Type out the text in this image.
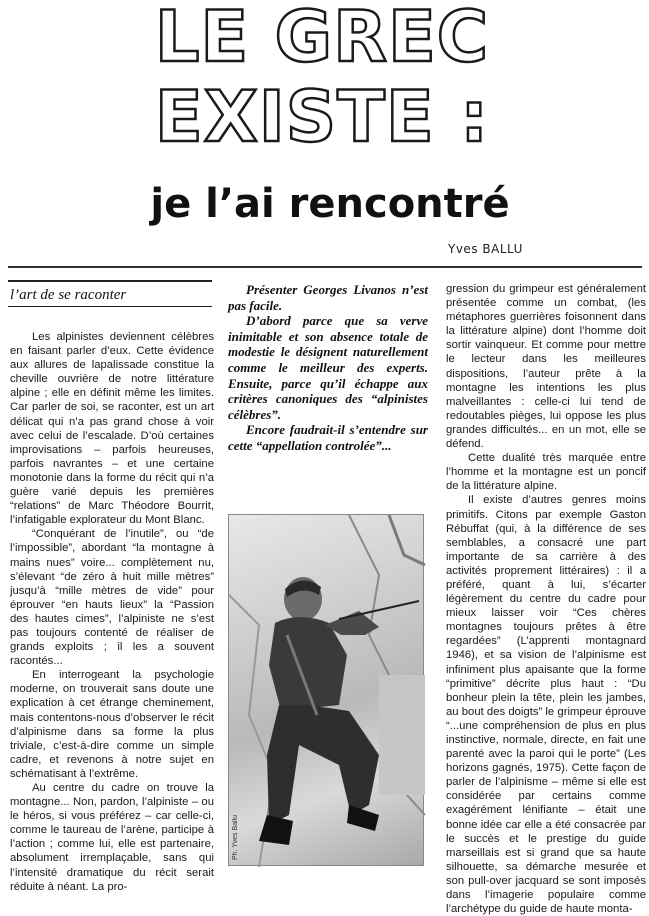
LE GREC
EXISTE :
je l’ai rencontré
Yves BALLU
l’art de se raconter

Les alpinistes deviennent célèbres en faisant parler d’eux. Cette évidence aux allures de lapalissade constitue la cheville ouvrière de notre littérature alpine ; elle en définit même les limites. Car parler de soi, se raconter, est un art délicat qui n’a pas grand chose à voir avec celui de l’escalade. D’où certaines improvisations – parfois heureuses, parfois navrantes – et une certaine monotonie dans la forme du récit qui n’a guère varié depuis les premières “relations” de Marc Théodore Bourrit, l’infatigable explorateur du Mont Blanc.

“Conquérant de l’inutile”, ou “de l’impossible”, abordant “la montagne à mains nues” voire... complètement nu, s’élevant “de zéro à huit mille mètres” jusqu’à “mille mètres de vide” pour éprouver “en hauts lieux” la “Passion des hautes cimes”, l’alpiniste ne s’est pas toujours contenté de réaliser de grands exploits ; il les a souvent racontés...

En interrogeant la psychologie moderne, on trouverait sans doute une explication à cet étrange cheminement, mais contentons-nous d’observer le récit d’alpinisme dans sa forme la plus triviale, c’est-à-dire comme un simple cadre, et revenons à notre sujet en schématisant à l’extrême.

Au centre du cadre on trouve la montagne... Non, pardon, l’alpiniste – ou le héros, si vous préférez – car celle-ci, comme le taureau de l’arène, participe à l’action ; comme lui, elle est partenaire, absolument irremplaçable, sans qui l’intensité dramatique du récit serait réduite à néant. La pro-

Présenter Georges Livanos n’est pas facile.

D’abord parce que sa verve inimitable et son absence totale de modestie le désignent naturellement comme le meilleur des experts. Ensuite, parce qu’il échappe aux critères canoniques des “alpinistes célèbres”.

Encore faudrait-il s’entendre sur cette “appellation controlée”...

Ph. Yves Ballu

gression du grimpeur est généralement présentée comme un combat, (les métaphores guerrières foisonnent dans la littérature alpine) dont l’homme doit sortir vainqueur. Et comme pour mettre le lecteur dans les meilleures dispositions, l’auteur prête à la montagne les intentions les plus malveillantes : celle-ci lui tend de redoutables pièges, lui oppose les plus grandes difficultés... en un mot, elle se défend.

Cette dualité très marquée entre l’homme et la montagne est un poncif de la littérature alpine.

Il existe d’autres genres moins primitifs. Citons par exemple Gaston Rébuffat (qui, à la différence de ses semblables, a consacré une part importante de sa carrière à des activités proprement littéraires) : il a préféré, quant à lui, s’écarter légèrement du centre du cadre pour mieux laisser voir “Ces chères montagnes toujours prêtes à être regardées” (L’apprenti montagnard 1946), et sa vision de l’alpinisme est infiniment plus apaisante que la forme “primitive” décrite plus haut : “Du bonheur plein la tête, plein les jambes, au bout des doigts” le grimpeur éprouve “...une compréhension de plus en plus instinctive, normale, directe, en fait une parenté avec la paroi qui le porte” (Les horizons gagnés, 1975). Cette façon de parler de l’alpinisme – même si elle est considérée par certains comme exagérément lénifiante – était une bonne idée car elle a été consacrée par le succès et le prestige du guide marseillais est si grand que sa haute silhouette, sa démarche mesurée et son pull-over jacquard se sont imposés dans l’imagerie populaire comme l’archétype du guide de haute monta-
